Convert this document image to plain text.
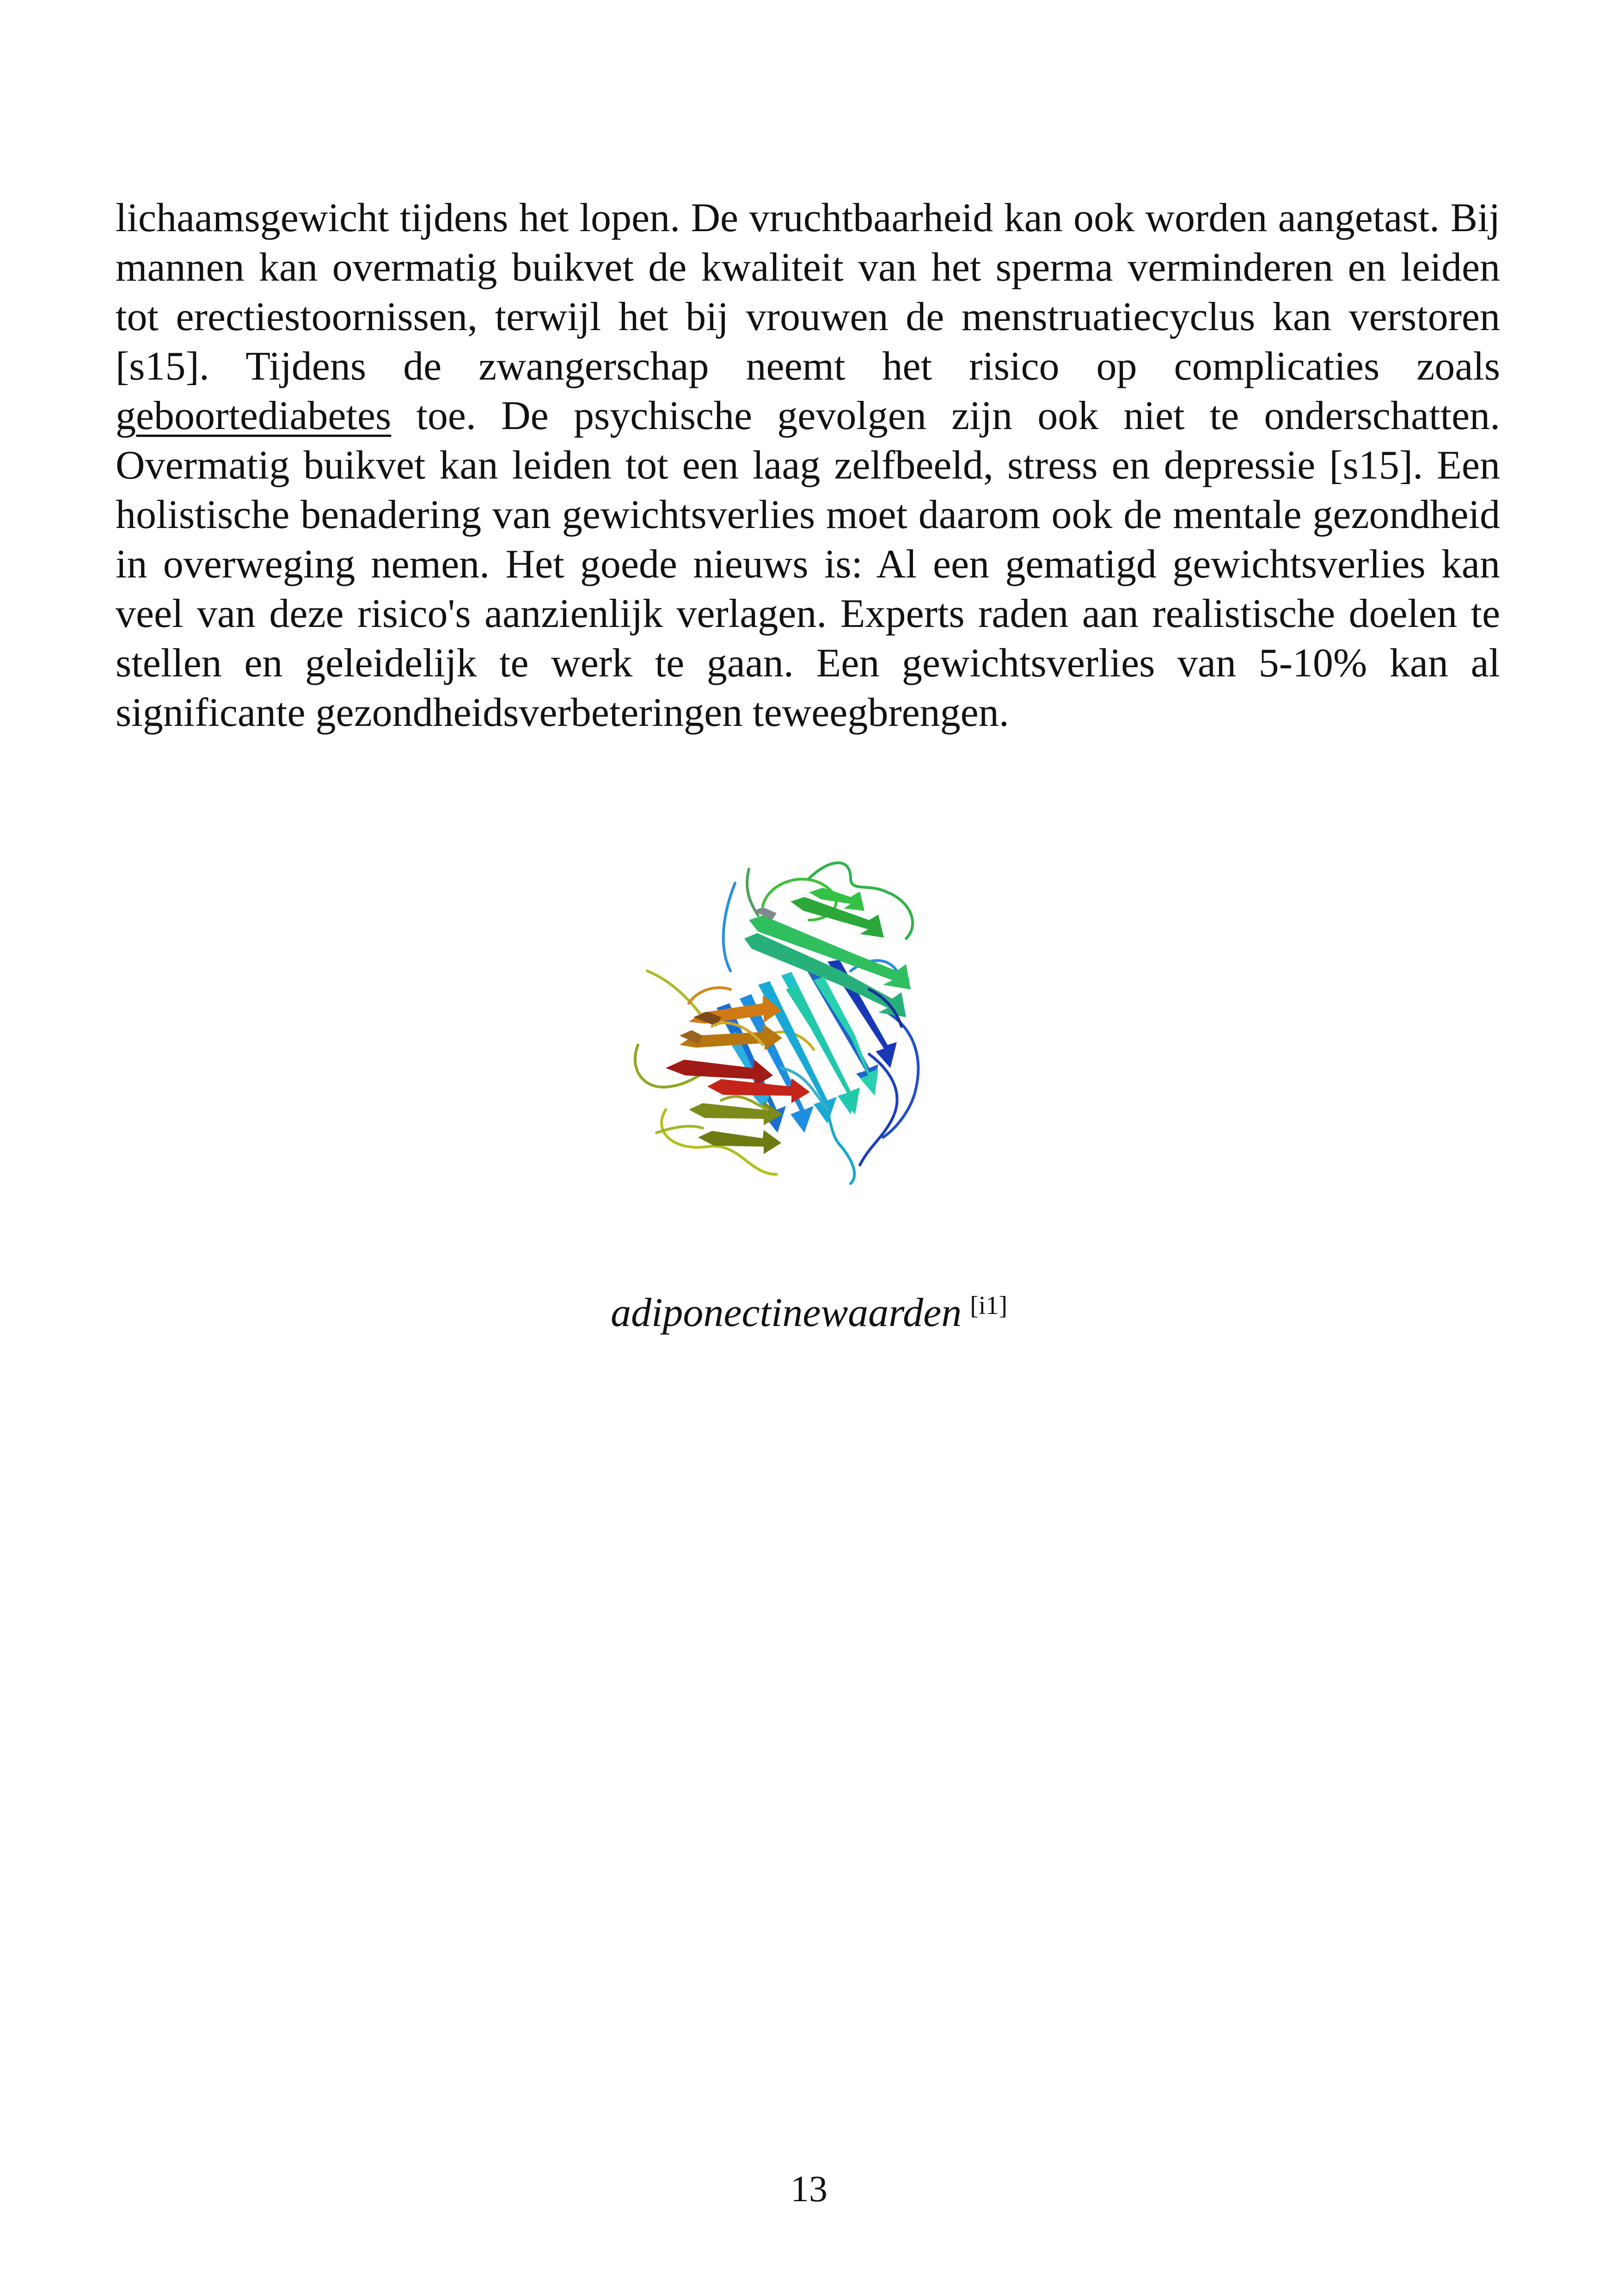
lichaamsgewicht tijdens het lopen. De vruchtbaarheid kan ook worden aangetast. Bij mannen kan overmatig buikvet de kwaliteit van het sperma verminderen en leiden tot erectiestoornissen, terwijl het bij vrouwen de menstruatiecyclus kan verstoren [s15]. Tijdens de zwangerschap neemt het risico op complicaties zoals geboortediabetes toe. De psychische gevolgen zijn ook niet te onderschatten. Overmatig buikvet kan leiden tot een laag zelfbeeld, stress en depressie [s15]. Een holistische benadering van gewichtsverlies moet daarom ook de mentale gezondheid in overweging nemen. Het goede nieuws is: Al een gematigd gewichtsverlies kan veel van deze risico's aanzienlijk verlagen. Experts raden aan realistische doelen te stellen en geleidelijk te werk te gaan. Een gewichtsverlies van 5-10% kan al significante gezondheidsverbeteringen teweegbrengen.

adiponectinewaarden [i1]
13
